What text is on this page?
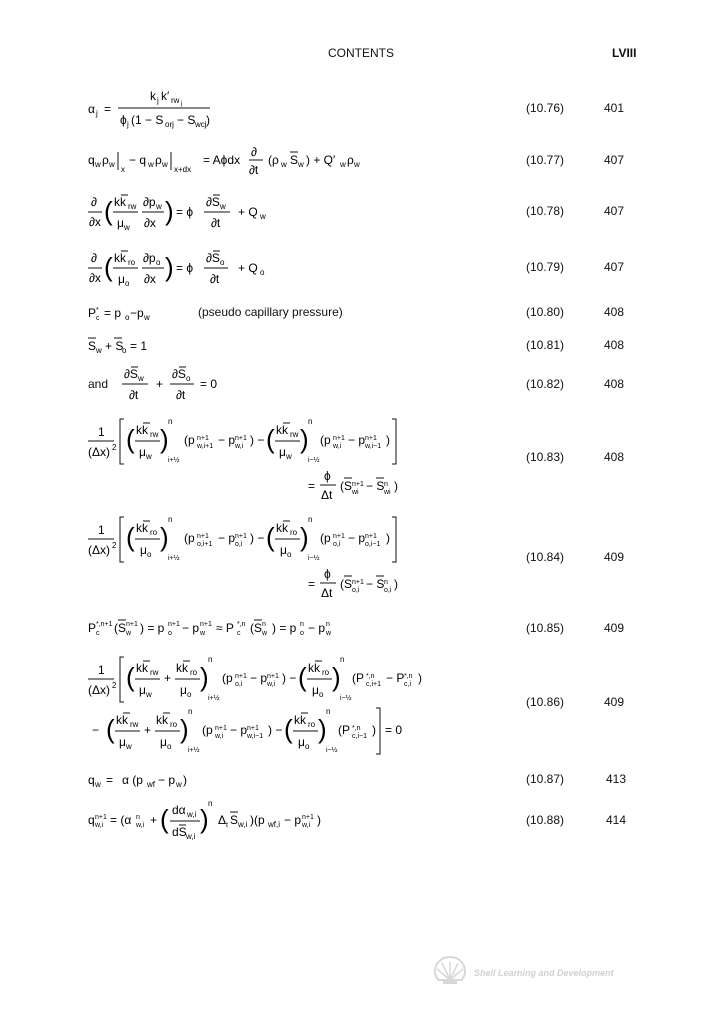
CONTENTS	LVIII
α j =
k j k′ rw j
ϕ j (1 − S orj − S wcj )
(10.76)	401
q w ρ w
x
− q w ρ w
x+dx
= Aϕdx
∂
∂t
(ρ w S w ) + Q′ w ρ w	(10.77)	407
∂
∂x ( kk rw
μ w
∂p w
∂x ) = ϕ
∂S w
∂t
+ Q w	(10.78)	407
∂
∂x ( kk ro
μ o
∂p o
∂x ) = ϕ
∂S o
∂t
+ Q o	(10.79)	407
P *
c = p o −p w	(pseudo capillary pressure)	(10.80)	408
S w + S
o = 1	(10.81)	408
and
∂S w
∂t
+
∂S o
∂t
= 0	(10.82)	408
1
(Δx) 2 ( kk rw
μ w
)
n
i+½
(p n+1
w,i+1 − p n+1
w,i ) − ( kk rw
μ w
)
n
i−½
(p n+1
w,i − p n+1
w,i−1 )
=
ϕ
Δt
(S n+1
wi − S n
wi )
(10.83)	408
1
(Δx) 2 ( kk ro
μ o
)
n
i+½
(p n+1
o,i+1 − p n+1
o,i ) − ( kk ro
μ o
)
n
i−½
(p n+1
o,i − p n+1
o,i−1 )
=
ϕ
Δt
(S n+1
o,i − S n
o,i )
(10.84)	409
P *,n+1
c (S n+1
w ) = p n+1
o − p n+1
w ≈ P *,n
c (S n
w ) = p n
o − p n
w	(10.85)	409
1
(Δx) 2 ( kk rw
μ w
+
kk ro
μ o
)
n
i+½
(p n+1
o,i − p n+1
w,i ) − ( kk ro
μ o
)
n
i−½
(P *,n
c,i+1 − P *,n
c,i )
− ( kk rw
μ w
+
kk ro
μ o
)
n
i+½
(p n+1
w,i − p n+1
w,i−1 ) − ( kk ro
μ o
)
n
i−½
(P *,n
c,i−1 ) = 0
(10.86)	409
q w = α (p wf − p w )	(10.87)	413
q n+1
w,i = (α n
w,i + ( dα w,i
dS w,i
)
n
Δ t S w,i )(p wf,i − p n+1
w,i )	(10.88)	414
Shell Learning and Development
